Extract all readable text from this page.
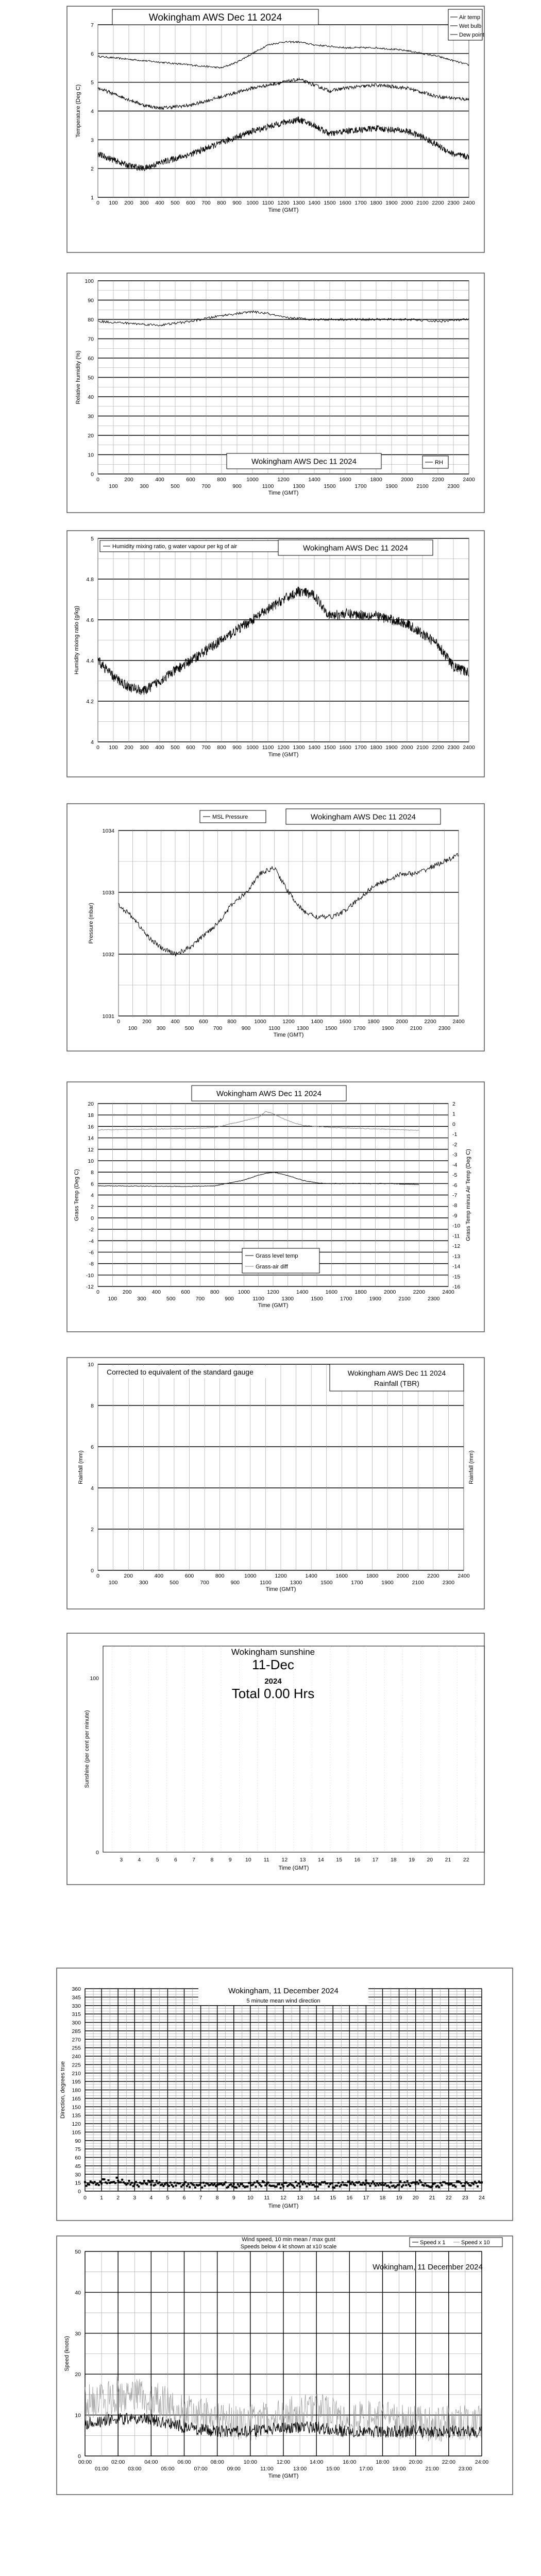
1
2
3
4
5
6
7
0 100 200 300 400 500 600 700 800 900 1000 1100 1200 1300 1400 1500 1600 1700 1800 1900 2000 2100 2200 2300 2400
Time (GMT)
Temperature (Deg C)
Wokingham AWS Dec 11 2024	Air temp
Wet bulb
Dew point
0
10
20
30
40
50
60
70
80
90
100
0	200	400	600	800	1000	1200	1400	1600	1800	2000	2200	2400
100	300	500	700	900	1100	1300	1500	1700	1900	2100	2300
Time (GMT)
Relative humidity (%)
Wokingham AWS Dec 11 2024	RH
4
4.2
4.4
4.6
4.8
5
0 100 200 300 400 500 600 700 800 900 1000 1100 1200 1300 1400 1500 1600 1700 1800 1900 2000 2100 2200 2300 2400
Time (GMT)
Humidity mixing ratio (g/kg)
Humidity mixing ratio, g water vapour per kg of air	Wokingham AWS Dec 11 2024
1031
1032
1033
1034
0	200	400	600	800	1000	1200	1400	1600	1800	2000	2200	2400
100	300	500	700	900	1100	1300	1500	1700	1900	2100	2300
Time (GMT)
Pressure (mbar)
MSL Pressure	Wokingham AWS Dec 11 2024
-12
-10
-8
-6
-4
-2
0
2
4
6
8
10
12
14
16
18
20
-16
-15
-14
-13
-12
-11
-10
-9
-8
-7
-6
-5
-4
-3
-2
-1
0
1
2
0	200	400	600	800	1000	1200	1400	1600	1800	2000	2200	2400
100	300	500	700	900	1100	1300	1500	1700	1900	2100	2300
Time (GMT)
Grass Temp (Deg C)	Grass Temp minus Air Temp (Deg C)
Wokingham AWS Dec 11 2024
Grass level temp
Grass-air diff
0
2
4
6
8
10
0	200	400	600	800	1000	1200	1400	1600	1800	2000	2200	2400
100	300	500	700	900	1100	1300	1500	1700	1900	2100	2300
Time (GMT)
Rainfall (mm)	Rainfall (mm)
Corrected to equivalent of the standard gauge	Wokingham AWS Dec 11 2024
Rainfall (TBR)
3	4	5	6	7	8	9	10 11 12 13 14 15 16 17 18 19 20 21 22
100
0
Time (GMT)
Sunshine (per cent per minute)
Wokingham sunshine
11-Dec
2024
Total 0.00 Hrs
0
15
30
45
60
75
90
105
120
135
150
165
180
195
210
225
240
255
270
285
300
315
330
345
360
0 1 2 3 4 5 6 7 8 9 10 11 12 13 14 15 16 17 18 19 20 21 22 23 24
Time (GMT)
Direction, degrees true
Wokingham, 11 December 2024
5 minute mean wind direction
0
10
20
30
40
50
00:00	02:00	04:00	06:00	08:00	10:00	12:00	14:00	16:00	18:00	20:00	22:00	24:00
01:00	03:00	05:00	07:00	09:00	11:00	13:00	15:00	17:00	19:00	21:00	23:00
Time (GMT)
Speed (knots)
Wind speed, 10 min mean / max gust
Speeds below 4 kt shown at x10 scale
Speed x 1	Speed x 10
Wokingham, 11 December 2024
